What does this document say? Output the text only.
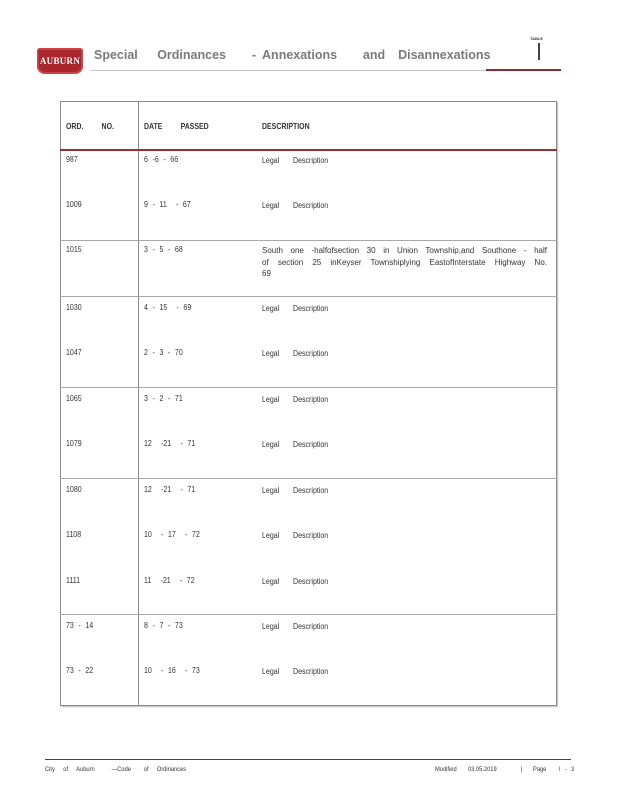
AUBURN Special   Ordinances    - Annexations    and  Disannexations
TABLE
ORD.   NO.	DATE   PASSED	DESCRIPTION
987	6 -6 - 66	Legal   Description
1009	9 - 11  - 67	Legal   Description
1015	3 - 5 - 68	South one -halfofsection 30 in Union Township,and Southone - half of section 25 inKeyser Townshiplying EastofInterstate Highway No. 69
1030	4 - 15  - 69	Legal   Description
1047	2 - 3 - 70	Legal   Description
1065	3 - 2 - 71	Legal   Description
1079	12  -21  - 71	Legal   Description
1080	12  -21  - 71	Legal   Description
1108	10  - 17  - 72	Legal   Description
1111	11  -21  - 72	Legal   Description
73 - 14	8 - 7 - 73	Legal   Description
73 - 22	10  - 16  - 73	Legal   Description
City  of  Auburn    —Code   of  Ordinances	Modified 03.05.2019	| Page   I - 3
